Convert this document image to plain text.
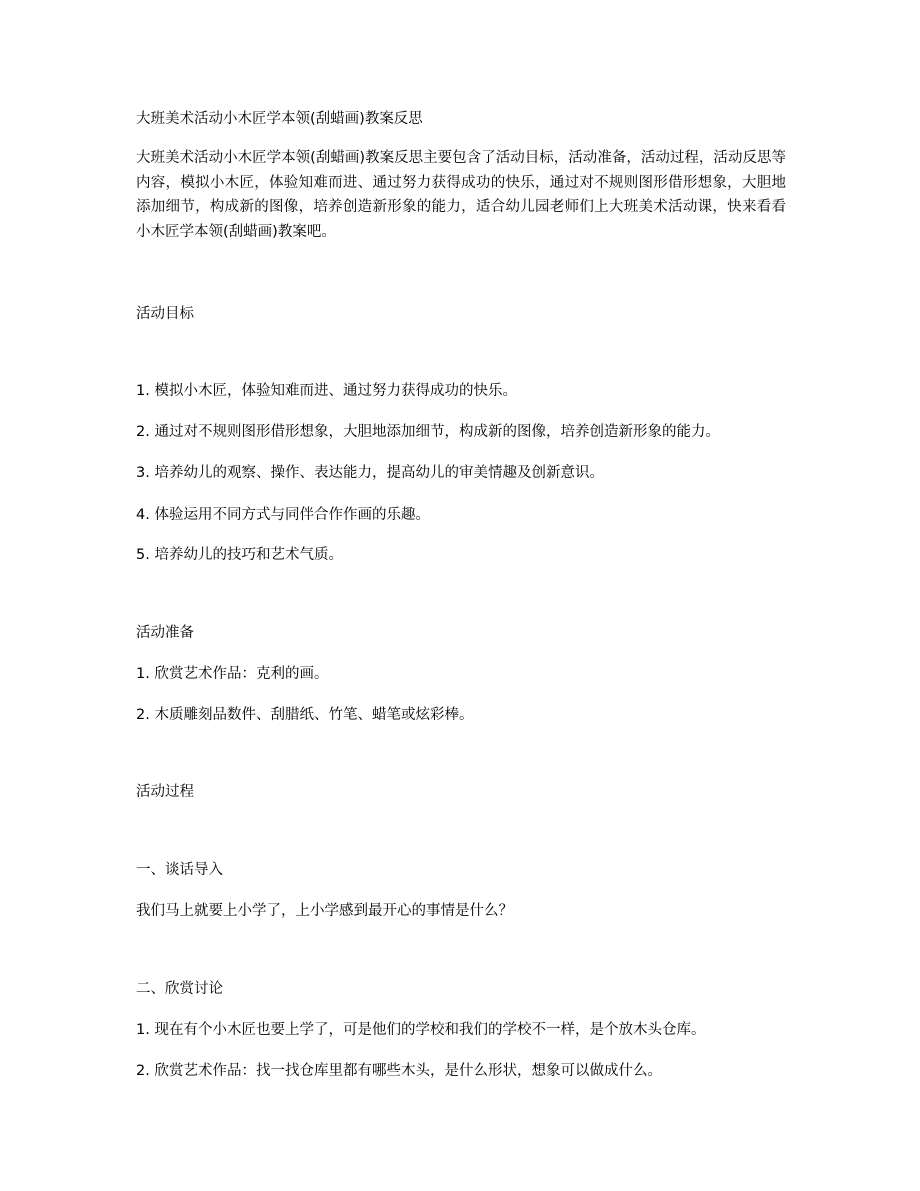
大班美术活动小木匠学本领(刮蜡画)教案反思
大班美术活动小木匠学本领(刮蜡画)教案反思主要包含了活动目标，活动准备，活动过程，活动反思等内容，模拟小木匠，体验知难而进、通过努力获得成功的快乐，通过对不规则图形借形想象，大胆地添加细节，构成新的图像，培养创造新形象的能力，适合幼儿园老师们上大班美术活动课，快来看看小木匠学本领(刮蜡画)教案吧。
活动目标
1. 模拟小木匠，体验知难而进、通过努力获得成功的快乐。
2. 通过对不规则图形借形想象，大胆地添加细节，构成新的图像，培养创造新形象的能力。
3. 培养幼儿的观察、操作、表达能力，提高幼儿的审美情趣及创新意识。
4. 体验运用不同方式与同伴合作作画的乐趣。
5. 培养幼儿的技巧和艺术气质。
活动准备
1. 欣赏艺术作品：克利的画。
2. 木质雕刻品数件、刮腊纸、竹笔、蜡笔或炫彩棒。
活动过程
一、谈话导入
我们马上就要上小学了，上小学感到最开心的事情是什么？
二、欣赏讨论
1. 现在有个小木匠也要上学了，可是他们的学校和我们的学校不一样，是个放木头仓库。
2. 欣赏艺术作品：找一找仓库里都有哪些木头，是什么形状，想象可以做成什么。
